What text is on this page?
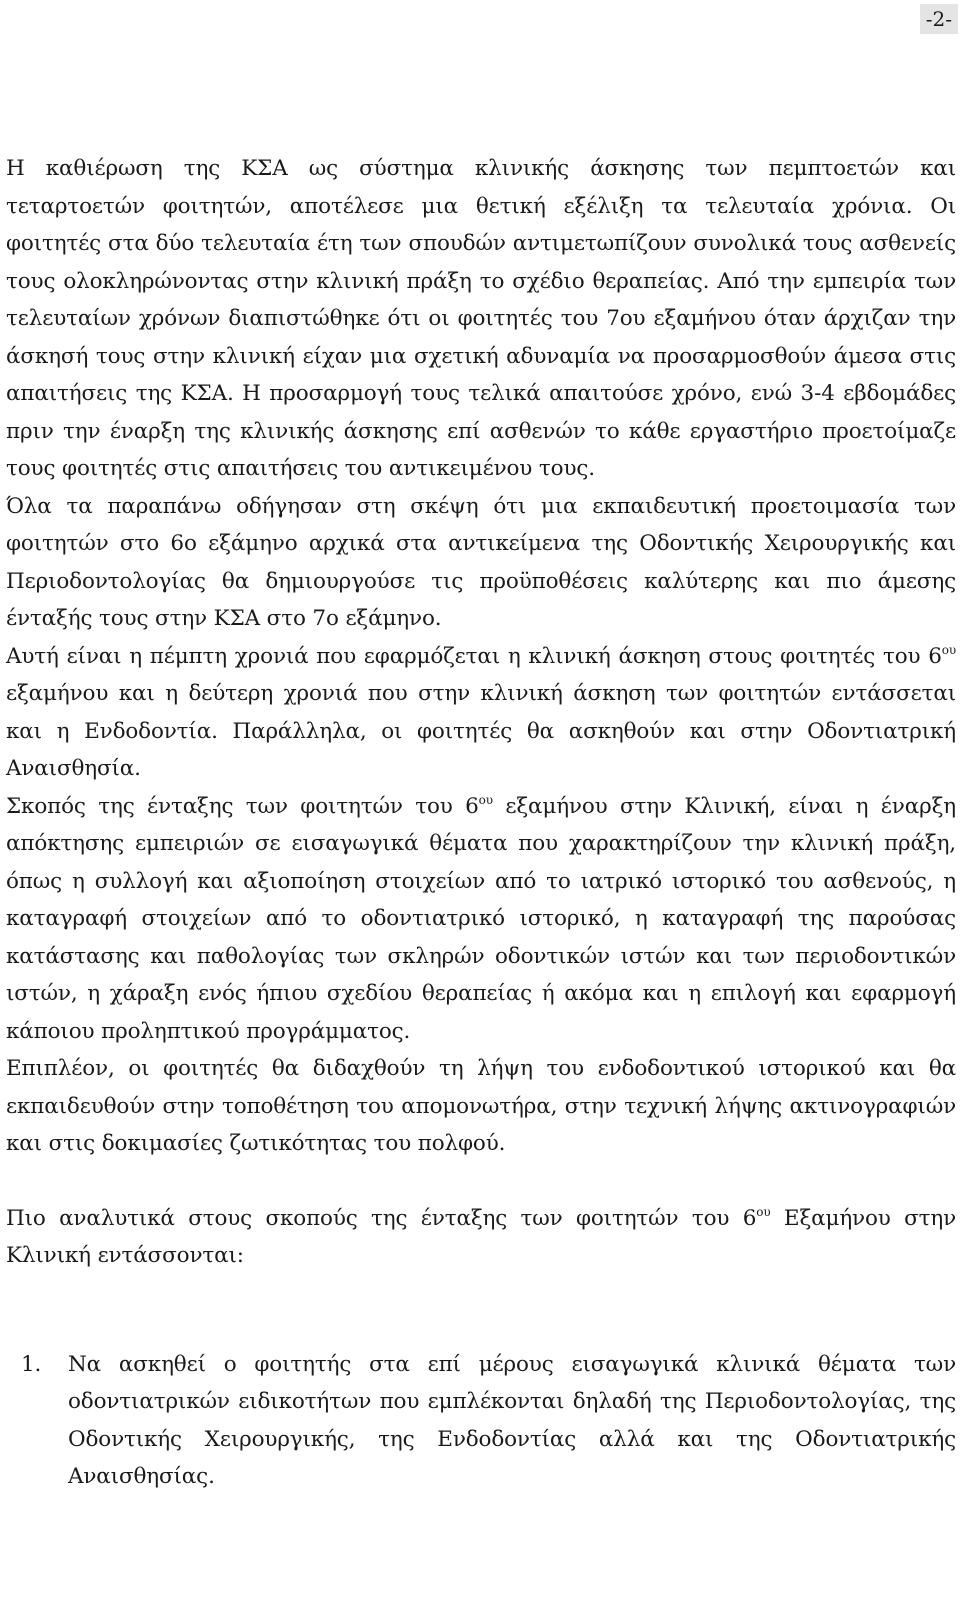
-2-

Η καθιέρωση της ΚΣΑ ως σύστημα κλινικής άσκησης των πεμπτοετών και τεταρτοετών φοιτητών, αποτέλεσε μια θετική εξέλιξη τα τελευταία χρόνια. Οι φοιτητές στα δύο τελευταία έτη των σπουδών αντιμετωπίζουν συνολικά τους ασθενείς τους ολοκληρώνοντας στην κλινική πράξη το σχέδιο θεραπείας. Από την εμπειρία των τελευταίων χρόνων διαπιστώθηκε ότι οι φοιτητές του 7ου εξαμήνου όταν άρχιζαν την άσκησή τους στην κλινική είχαν μια σχετική αδυναμία να προσαρμοσθούν άμεσα στις απαιτήσεις της ΚΣΑ. Η προσαρμογή τους τελικά απαιτούσε χρόνο, ενώ 3-4 εβδομάδες πριν την έναρξη της κλινικής άσκησης επί ασθενών το κάθε εργαστήριο προετοίμαζε τους φοιτητές στις απαιτήσεις του αντικειμένου τους.

Όλα τα παραπάνω οδήγησαν στη σκέψη ότι μια εκπαιδευτική προετοιμασία των φοιτητών στο 6ο εξάμηνο αρχικά στα αντικείμενα της Οδοντικής Χειρουργικής και Περιοδοντολογίας θα δημιουργούσε τις προϋποθέσεις καλύτερης και πιο άμεσης ένταξής τους στην ΚΣΑ στο 7ο εξάμηνο.

Αυτή είναι η πέμπτη χρονιά που εφαρμόζεται η κλινική άσκηση στους φοιτητές του $6^{o\upsilon}$ εξαμήνου και η δεύτερη χρονιά που στην κλινική άσκηση των φοιτητών εντάσσεται και η Ενδοδοντία. Παράλληλα, οι φοιτητές θα ασκηθούν και στην Οδοντιατρική Αναισθησία.

Σκοπός της ένταξης των φοιτητών του $6^{o\upsilon}$ εξαμήνου στην Κλινική, είναι η έναρξη απόκτησης εμπειριών σε εισαγωγικά θέματα που χαρακτηρίζουν την κλινική πράξη, όπως η συλλογή και αξιοποίηση στοιχείων από το ιατρικό ιστορικό του ασθενούς, η καταγραφή στοιχείων από το οδοντιατρικό ιστορικό, η καταγραφή της παρούσας κατάστασης και παθολογίας των σκληρών οδοντικών ιστών και των περιοδοντικών ιστών, η χάραξη ενός ήπιου σχεδίου θεραπείας ή ακόμα και η επιλογή και εφαρμογή κάποιου προληπτικού προγράμματος.

Επιπλέον, οι φοιτητές θα διδαχθούν τη λήψη του ενδοδοντικού ιστορικού και θα εκπαιδευθούν στην τοποθέτηση του απομονωτήρα, στην τεχνική λήψης ακτινογραφιών και στις δοκιμασίες ζωτικότητας του πολφού.

Πιο αναλυτικά στους σκοπούς της ένταξης των φοιτητών του $6^{o\upsilon}$ Εξαμήνου στην Κλινική εντάσσονται:

1.	Να ασκηθεί ο φοιτητής στα επί μέρους εισαγωγικά κλινικά θέματα των οδοντιατρικών ειδικοτήτων που εμπλέκονται δηλαδή της Περιοδοντολογίας, της Οδοντικής Χειρουργικής, της Ενδοδοντίας αλλά και της Οδοντιατρικής Αναισθησίας.
